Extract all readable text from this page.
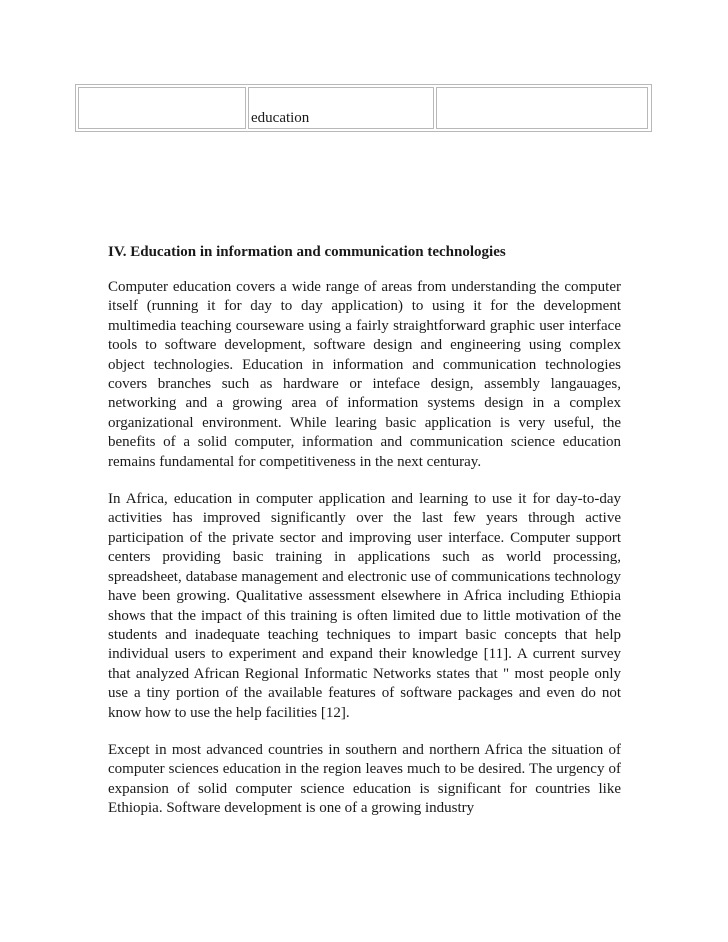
education
IV. Education in information and communication technologies

Computer education covers a wide range of areas from understanding the computer itself (running it for day to day application) to using it for the development multimedia teaching courseware using a fairly straightforward graphic user interface tools to software development, software design and engineering using complex object technologies. Education in information and communication technologies covers branches such as hardware or inteface design, assembly langauages, networking and a growing area of information systems design in a complex organizational environment. While learing basic application is very useful, the benefits of a solid computer, information and communication science education remains fundamental for competitiveness in the next centuray.

In Africa, education in computer application and learning to use it for day-to-day activities has improved significantly over the last few years through active participation of the private sector and improving user interface. Computer support centers providing basic training in applications such as world processing, spreadsheet, database management and electronic use of communications technology have been growing. Qualitative assessment elsewhere in Africa including Ethiopia shows that the impact of this training is often limited due to little motivation of the students and inadequate teaching techniques to impart basic concepts that help individual users to experiment and expand their knowledge [11]. A current survey that analyzed African Regional Informatic Networks states that " most people only use a tiny portion of the available features of software packages and even do not know how to use the help facilities [12].

Except in most advanced countries in southern and northern Africa the situation of computer sciences education in the region leaves much to be desired. The urgency of expansion of solid computer science education is significant for countries like Ethiopia. Software development is one of a growing industry
